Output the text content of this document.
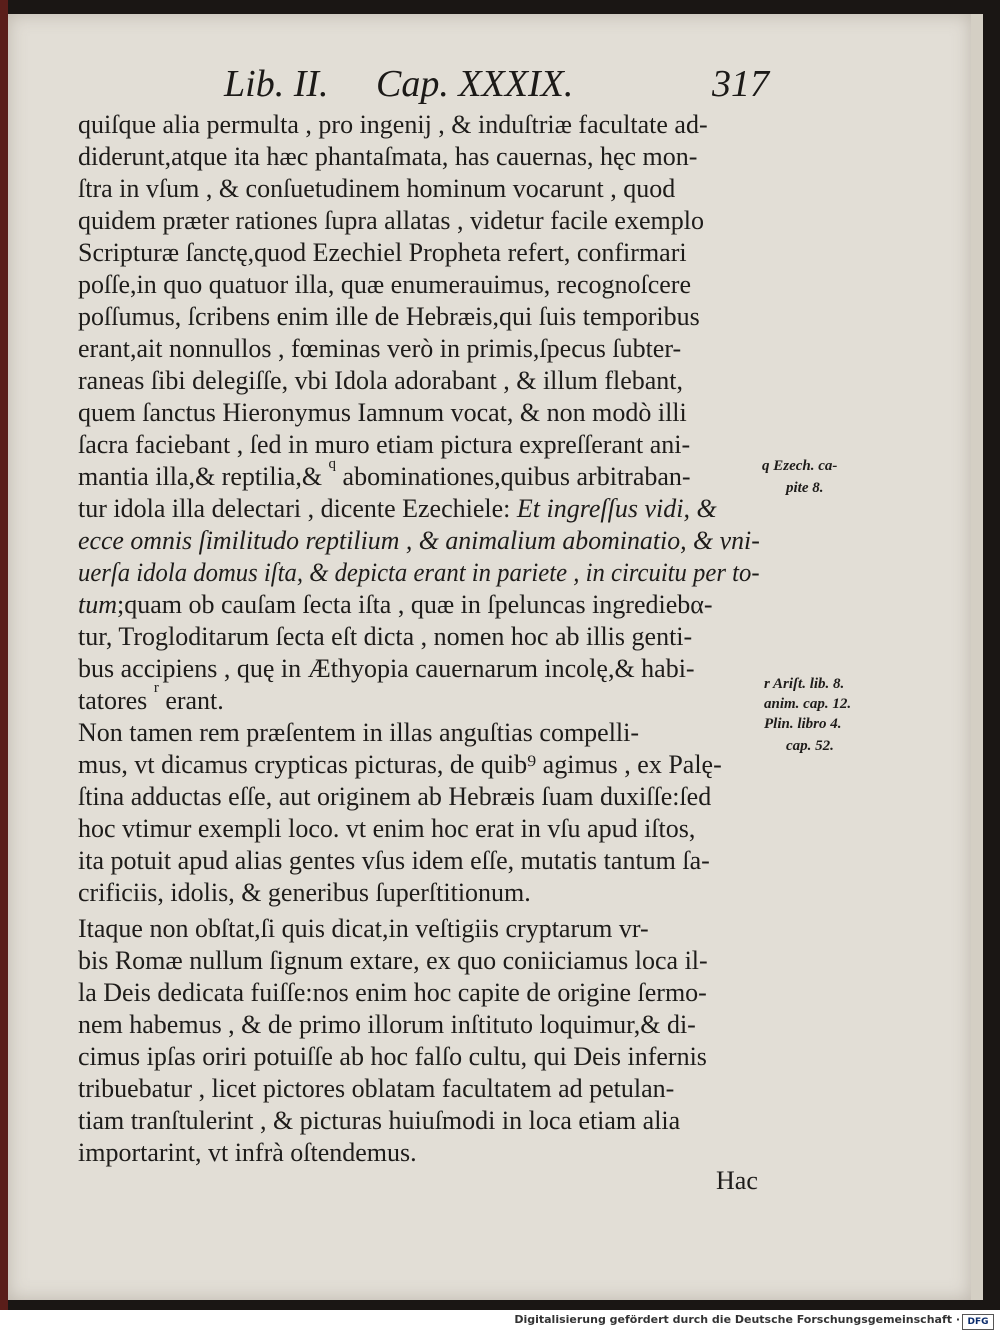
Lib. II. Cap. XXXIX.	317
quiſque alia permulta , pro ingenij , & induſtriæ facultate ad-
diderunt,atque ita hæc phantaſmata, has cauernas, hęc mon-
ſtra in vſum , & conſuetudinem hominum vocarunt , quod
quidem præter rationes ſupra allatas , videtur facile exemplo
Scripturæ ſanctę,quod Ezechiel Propheta refert, confirmari
poſſe,in quo quatuor illa, quæ enumerauimus, recognoſcere
poſſumus, ſcribens enim ille de Hebræis,qui ſuis temporibus
erant,ait nonnullos , fœminas verò in primis,ſpecus ſubter-
raneas ſibi delegiſſe, vbi Idola adorabant , & illum flebant,
quem ſanctus Hieronymus Iamnum vocat, & non modò illi
ſacra faciebant , ſed in muro etiam pictura expreſſerant ani-
mantia illa,& reptilia,& $^q$ abominationes,quibus arbitraban-
tur idola illa delectari , dicente Ezechiele: Et ingreſſus vidi, &
ecce omnis ſimilitudo reptilium , & animalium abominatio, & vni-
uerſa idola domus iſta, & depicta erant in pariete , in circuitu per to-
tum;quam ob cauſam ſecta iſta , quæ in ſpeluncas ingrediebα-
tur, Trogloditarum ſecta eſt dicta , nomen hoc ab illis genti-
bus accipiens , quę in Æthyopia cauernarum incolę,& habi-
tatores $^r$ erant.
Non tamen rem præſentem in illas anguſtias compelli-
mus, vt dicamus crypticas picturas, de quib⁹ agimus , ex Palę-
ſtina adductas eſſe, aut originem ab Hebræis ſuam duxiſſe:ſed
hoc vtimur exempli loco. vt enim hoc erat in vſu apud iſtos,
ita potuit apud alias gentes vſus idem eſſe, mutatis tantum ſa-
crificiis, idolis, & generibus ſuperſtitionum.
Itaque non obſtat,ſi quis dicat,in veſtigiis cryptarum vr-
bis Romæ nullum ſignum extare, ex quo coniiciamus loca il-
la Deis dedicata fuiſſe:nos enim hoc capite de origine ſermo-
nem habemus , & de primo illorum inſtituto loquimur,& di-
cimus ipſas oriri potuiſſe ab hoc falſo cultu, qui Deis infernis
tribuebatur , licet pictores oblatam facultatem ad petulan-
tiam tranſtulerint , & picturas huiuſmodi in loca etiam alia
importarint, vt infrà oſtendemus.
q Ezech. ca-
pite 8.
r Ariſt. lib. 8.
anim. cap. 12.
Plin. libro 4.
cap. 52.
Hac
Digitalisierung gefördert durch die Deutsche Forschungsgemeinschaft · DFG
